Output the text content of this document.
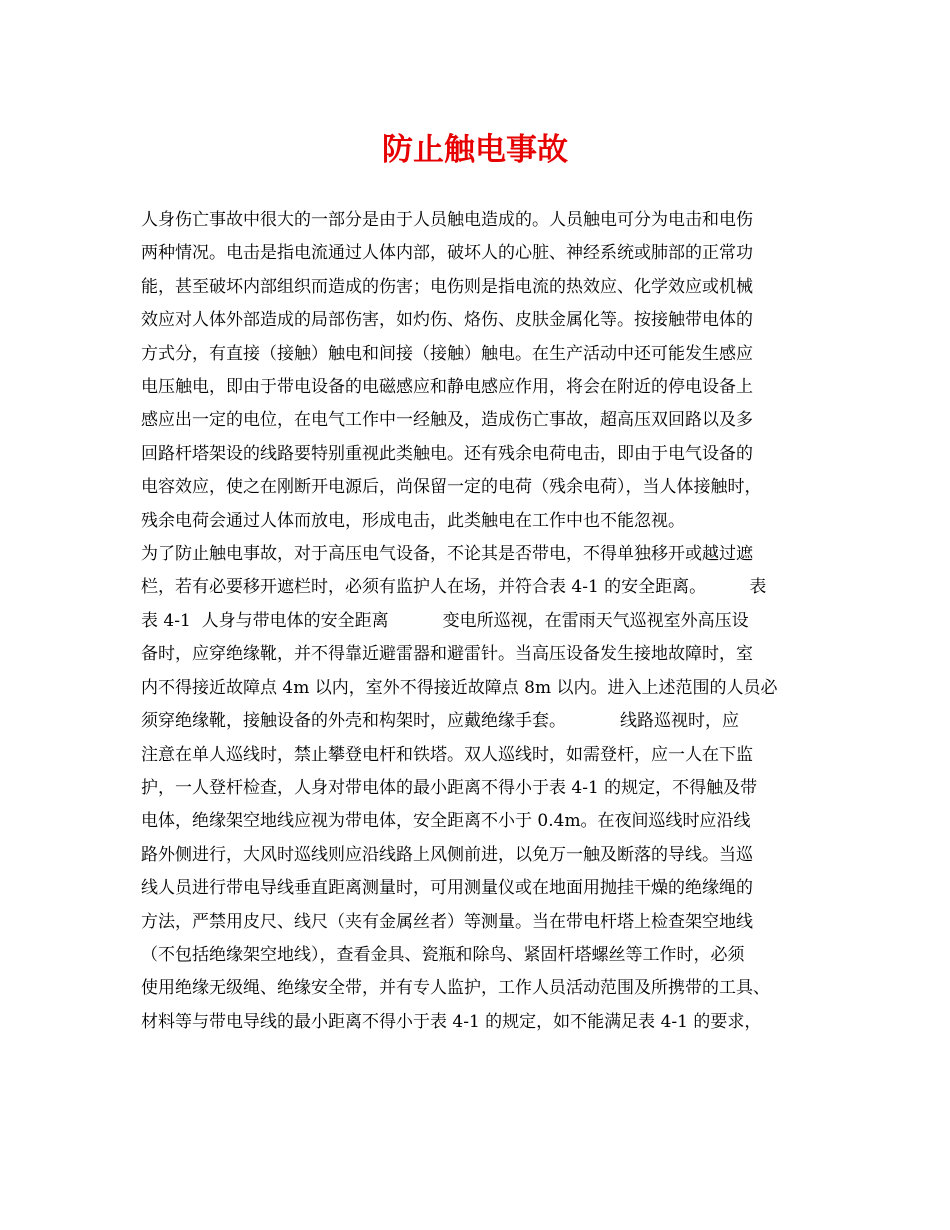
防止触电事故
人身伤亡事故中很大的一部分是由于人员触电造成的。人员触电可分为电击和电伤
两种情况。电击是指电流通过人体内部，破坏人的心脏、神经系统或肺部的正常功
能，甚至破坏内部组织而造成的伤害；电伤则是指电流的热效应、化学效应或机械
效应对人体外部造成的局部伤害，如灼伤、烙伤、皮肤金属化等。按接触带电体的
方式分，有直接（接触）触电和间接（接触）触电。在生产活动中还可能发生感应
电压触电，即由于带电设备的电磁感应和静电感应作用，将会在附近的停电设备上
感应出一定的电位，在电气工作中一经触及，造成伤亡事故，超高压双回路以及多
回路杆塔架设的线路要特别重视此类触电。还有残余电荷电击，即由于电气设备的
电容效应，使之在刚断开电源后，尚保留一定的电荷（残余电荷），当人体接触时，
残余电荷会通过人体而放电，形成电击，此类触电在工作中也不能忽视。
为了防止触电事故，对于高压电气设备，不论其是否带电，不得单独移开或越过遮
栏，若有必要移开遮栏时，必须有监护人在场，并符合表 4-1 的安全距离。        表
表 4-1  人身与带电体的安全距离          变电所巡视，在雷雨天气巡视室外高压设
备时，应穿绝缘靴，并不得靠近避雷器和避雷针。当高压设备发生接地故障时，室
内不得接近故障点 4m 以内，室外不得接近故障点 8m 以内。进入上述范围的人员必
须穿绝缘靴，接触设备的外壳和构架时，应戴绝缘手套。          线路巡视时，应
注意在单人巡线时，禁止攀登电杆和铁塔。双人巡线时，如需登杆，应一人在下监
护，一人登杆检查，人身对带电体的最小距离不得小于表 4-1 的规定，不得触及带
电体，绝缘架空地线应视为带电体，安全距离不小于 0.4m。在夜间巡线时应沿线
路外侧进行，大风时巡线则应沿线路上风侧前进，以免万一触及断落的导线。当巡
线人员进行带电导线垂直距离测量时，可用测量仪或在地面用抛挂干燥的绝缘绳的
方法，严禁用皮尺、线尺（夹有金属丝者）等测量。当在带电杆塔上检查架空地线
（不包括绝缘架空地线），查看金具、瓷瓶和除鸟、紧固杆塔螺丝等工作时，必须
使用绝缘无级绳、绝缘安全带，并有专人监护，工作人员活动范围及所携带的工具、
材料等与带电导线的最小距离不得小于表 4-1 的规定，如不能满足表 4-1 的要求，
